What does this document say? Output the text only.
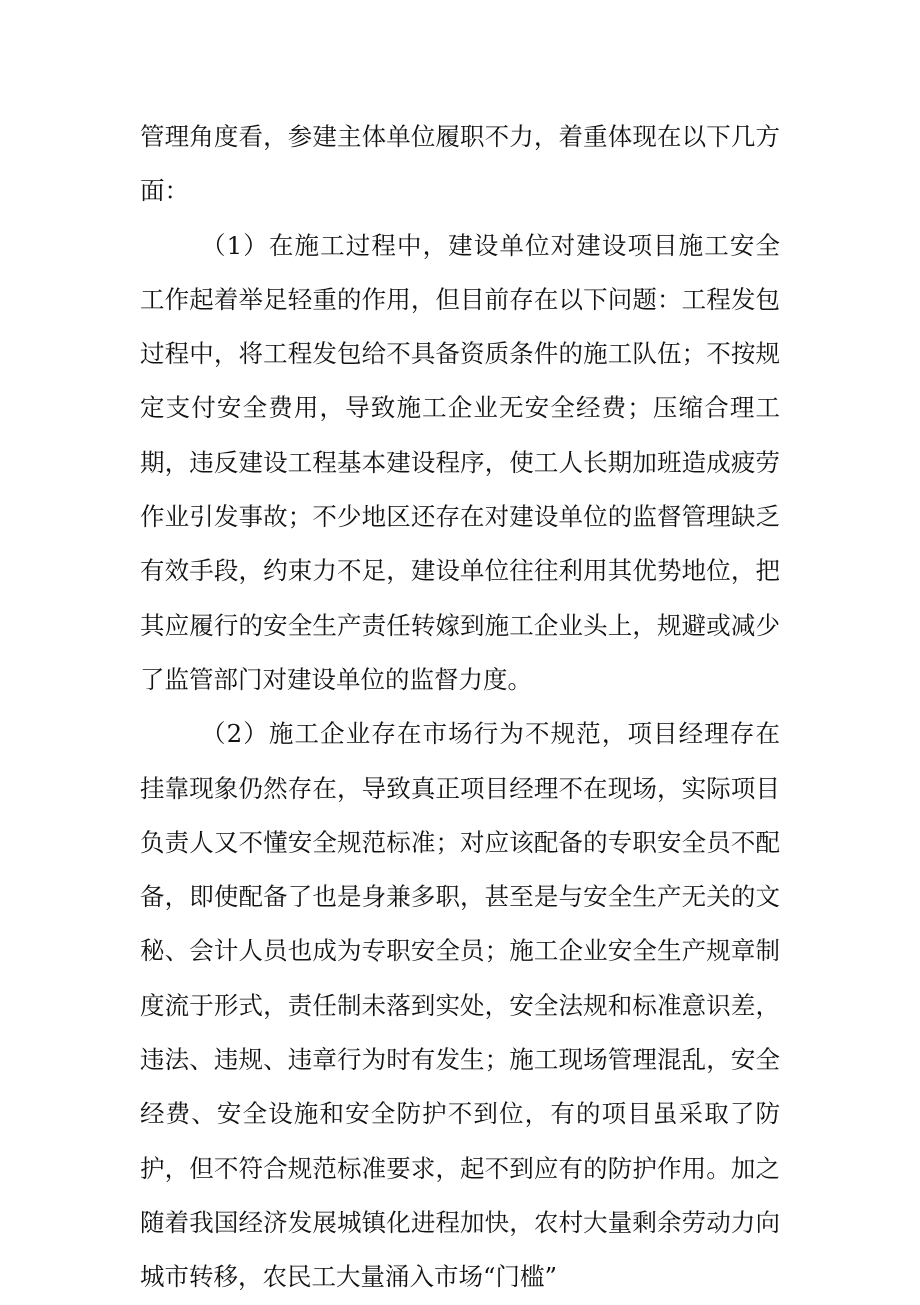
管理角度看，参建主体单位履职不力，着重体现在以下几方面：

（1）在施工过程中，建设单位对建设项目施工安全工作起着举足轻重的作用，但目前存在以下问题：工程发包过程中，将工程发包给不具备资质条件的施工队伍；不按规定支付安全费用，导致施工企业无安全经费；压缩合理工期，违反建设工程基本建设程序，使工人长期加班造成疲劳作业引发事故；不少地区还存在对建设单位的监督管理缺乏有效手段，约束力不足，建设单位往往利用其优势地位，把其应履行的安全生产责任转嫁到施工企业头上，规避或减少了监管部门对建设单位的监督力度。

（2）施工企业存在市场行为不规范，项目经理存在挂靠现象仍然存在，导致真正项目经理不在现场，实际项目负责人又不懂安全规范标准；对应该配备的专职安全员不配备，即使配备了也是身兼多职，甚至是与安全生产无关的文秘、会计人员也成为专职安全员；施工企业安全生产规章制度流于形式，责任制未落到实处，安全法规和标准意识差，违法、违规、违章行为时有发生；施工现场管理混乱，安全经费、安全设施和安全防护不到位，有的项目虽采取了防护，但不符合规范标准要求，起不到应有的防护作用。加之随着我国经济发展城镇化进程加快，农村大量剩余劳动力向城市转移，农民工大量涌入市场“门槛”
